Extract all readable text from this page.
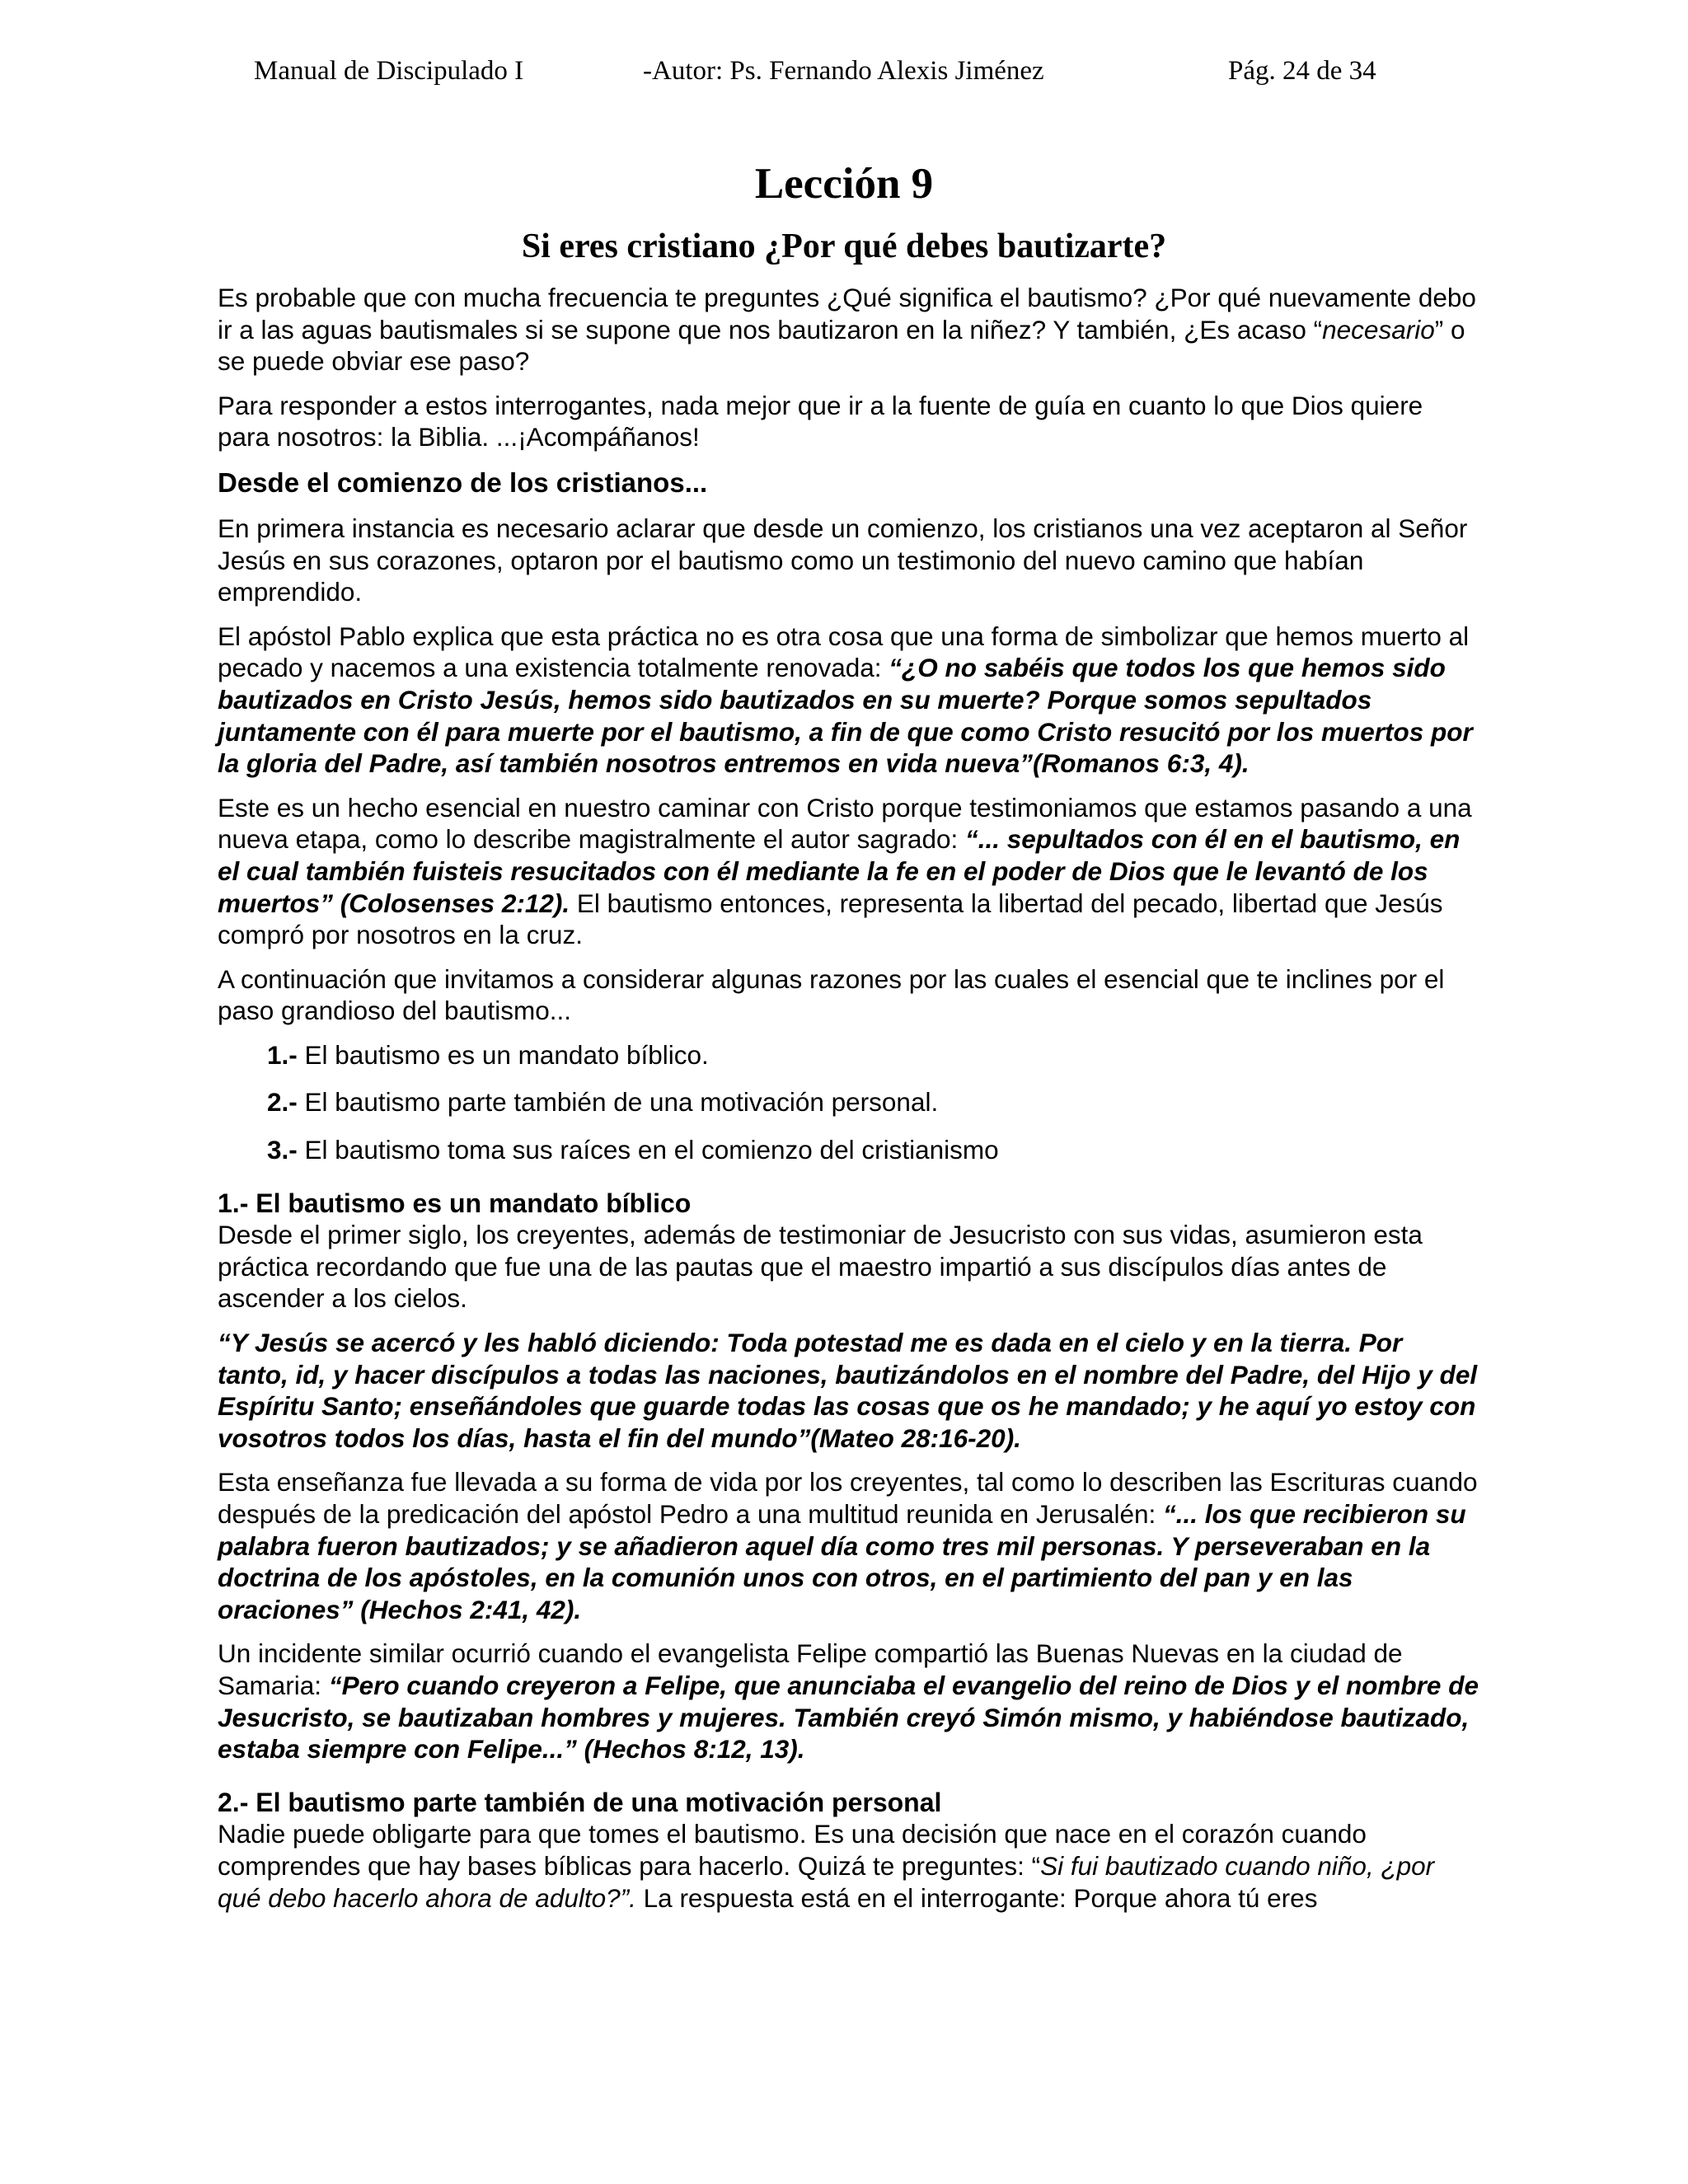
Manual de Discipulado I	-Autor: Ps. Fernando Alexis Jiménez	Pág. 24 de 34
Lección 9
Si eres cristiano ¿Por qué debes bautizarte?

Es probable que con mucha frecuencia te preguntes ¿Qué significa el bautismo? ¿Por qué nuevamente debo ir a las aguas bautismales si se supone que nos bautizaron en la niñez? Y también, ¿Es acaso “necesario” o se puede obviar ese paso?

Para responder a estos interrogantes, nada mejor que ir a la fuente de guía en cuanto lo que Dios quiere para nosotros: la Biblia. ...¡Acompáñanos!

Desde el comienzo de los cristianos...

En primera instancia es necesario aclarar que desde un comienzo, los cristianos una vez aceptaron al Señor Jesús en sus corazones, optaron por el bautismo como un testimonio del nuevo camino que habían emprendido.

El apóstol Pablo explica que esta práctica no es otra cosa que una forma de simbolizar que hemos muerto al pecado y nacemos a una existencia totalmente renovada: “¿O no sabéis que todos los que hemos sido bautizados en Cristo Jesús, hemos sido bautizados en su muerte? Porque somos sepultados juntamente con él para muerte por el bautismo, a fin de que como Cristo resucitó por los muertos por la gloria del Padre, así también nosotros entremos en vida nueva”(Romanos 6:3, 4).

Este es un hecho esencial en nuestro caminar con Cristo porque testimoniamos que estamos pasando a una nueva etapa, como lo describe magistralmente el autor sagrado: “... sepultados con él en el bautismo, en el cual también fuisteis resucitados con él mediante la fe en el poder de Dios que le levantó de los muertos” (Colosenses 2:12). El bautismo entonces, representa la libertad del pecado, libertad que Jesús compró por nosotros en la cruz.

A continuación que invitamos a considerar algunas razones por las cuales el esencial que te inclines por el paso grandioso del bautismo...

1.- El bautismo es un mandato bíblico.
2.- El bautismo parte también de una motivación personal.
3.- El bautismo toma sus raíces en el comienzo del cristianismo
1.- El bautismo es un mandato bíblico

Desde el primer siglo, los creyentes, además de testimoniar de Jesucristo con sus vidas, asumieron esta práctica recordando que fue una de las pautas que el maestro impartió a sus discípulos días antes de ascender a los cielos.

“Y Jesús se acercó y les habló diciendo: Toda potestad me es dada en el cielo y en la tierra. Por tanto, id, y hacer discípulos a todas las naciones, bautizándolos en el nombre del Padre, del Hijo y del Espíritu Santo; enseñándoles que guarde todas las cosas que os he mandado; y he aquí yo estoy con vosotros todos los días, hasta el fin del mundo”(Mateo 28:16-20).

Esta enseñanza fue llevada a su forma de vida por los creyentes, tal como lo describen las Escrituras cuando después de la predicación del apóstol Pedro a una multitud reunida en Jerusalén: “... los que recibieron su palabra fueron bautizados; y se añadieron aquel día como tres mil personas. Y perseveraban en la doctrina de los apóstoles, en la comunión unos con otros, en el partimiento del pan y en las oraciones” (Hechos 2:41, 42).

Un incidente similar ocurrió cuando el evangelista Felipe compartió las Buenas Nuevas en la ciudad de Samaria: “Pero cuando creyeron a Felipe, que anunciaba el evangelio del reino de Dios y el nombre de Jesucristo, se bautizaban hombres y mujeres. También creyó Simón mismo, y habiéndose bautizado, estaba siempre con Felipe...” (Hechos 8:12, 13).

2.- El bautismo parte también de una motivación personal

Nadie puede obligarte para que tomes el bautismo. Es una decisión que nace en el corazón cuando comprendes que hay bases bíblicas para hacerlo. Quizá te preguntes: “Si fui bautizado cuando niño, ¿por qué debo hacerlo ahora de adulto?”. La respuesta está en el interrogante: Porque ahora tú eres
